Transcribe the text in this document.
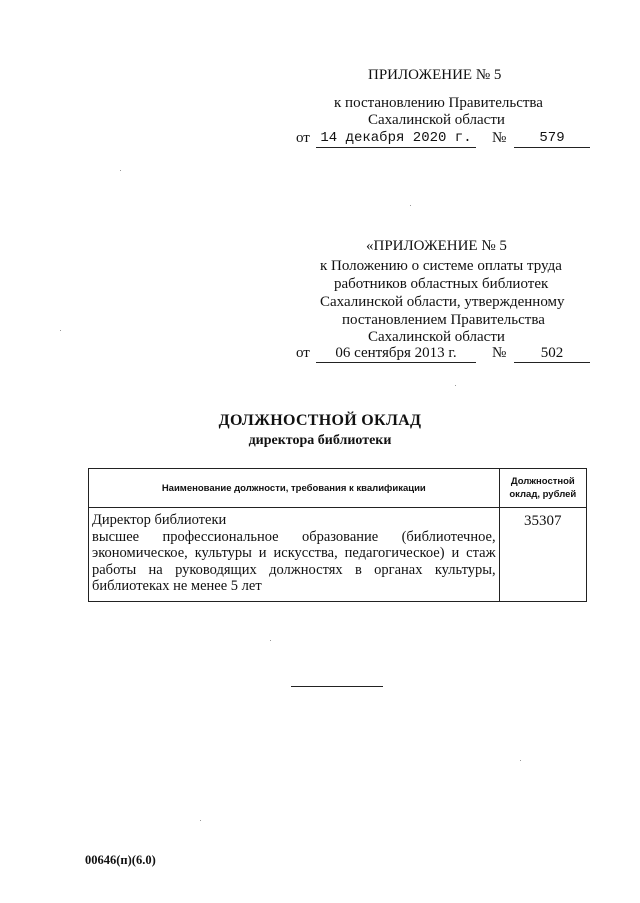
ПРИЛОЖЕНИЕ № 5
к постановлению Правительства
Сахалинской области
от 14 декабря 2020 г. №	579
«ПРИЛОЖЕНИЕ № 5
к Положению о системе оплаты труда
работников областных библиотек
Сахалинской области, утвержденному
постановлением Правительства
Сахалинской области
от	06 сентября 2013 г.	№	502
ДОЛЖНОСТНОЙ ОКЛАД
директора библиотеки
Наименование должности, требования к квалификации	Должностной оклад, рублей

Директор библиотеки
высшее профессиональное образование (библиотечное, экономическое, культуры и искусства, педагогическое) и стаж работы на руководящих должностях в органах культуры, библиотеках не менее 5 лет	35307
00646(п)(6.0)
